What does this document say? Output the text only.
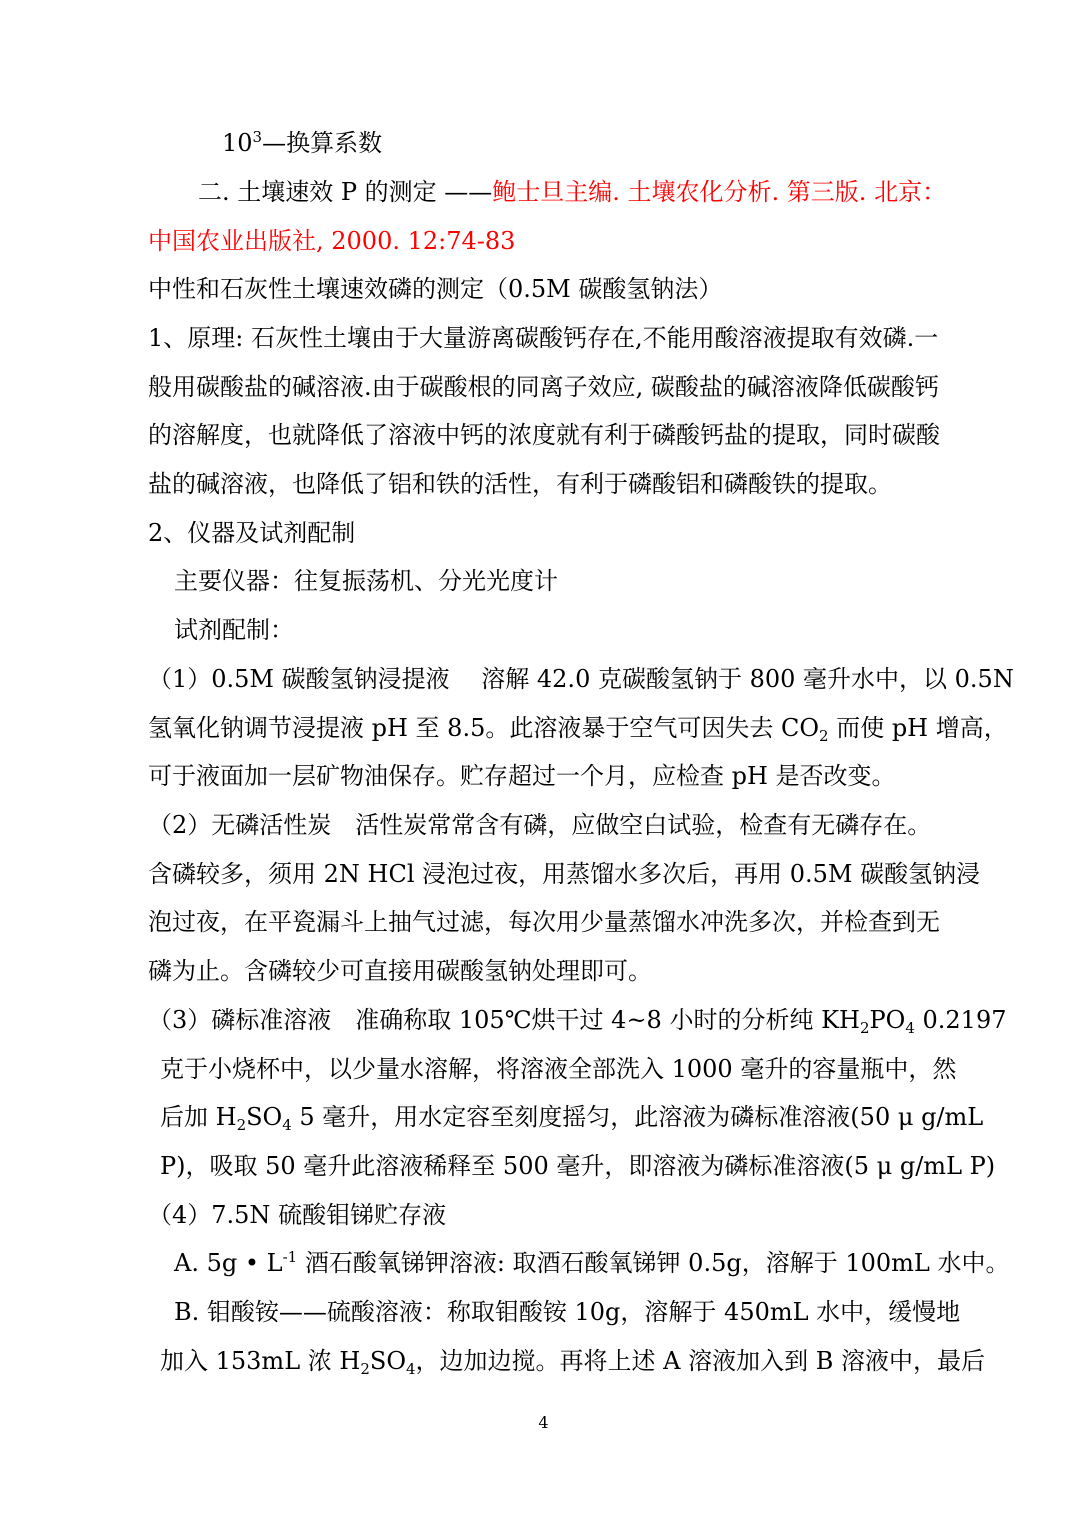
$10^3—$换算系数
二. 土壤速效 P 的测定 ——鲍士旦主编. 土壤农化分析. 第三版. 北京：
中国农业出版社, 2000. 12:74-83
中性和石灰性土壤速效磷的测定（0.5M 碳酸氢钠法）
1、原理: 石灰性土壤由于大量游离碳酸钙存在,不能用酸溶液提取有效磷.一
般用碳酸盐的碱溶液.由于碳酸根的同离子效应, 碳酸盐的碱溶液降低碳酸钙
的溶解度，也就降低了溶液中钙的浓度就有利于磷酸钙盐的提取，同时碳酸
盐的碱溶液，也降低了铝和铁的活性，有利于磷酸铝和磷酸铁的提取。
2、仪器及试剂配制
主要仪器：往复振荡机、分光光度计
试剂配制：
（1）0.5M 碳酸氢钠浸提液　 溶解 42.0 克碳酸氢钠于 800 毫升水中，以 0.5N
氢氧化钠调节浸提液 pH 至 8.5。此溶液暴于空气可因失去 $CO_2$ 而使 pH 增高，
可于液面加一层矿物油保存。贮存超过一个月，应检查 pH 是否改变。
（2）无磷活性炭　活性炭常常含有磷，应做空白试验，检查有无磷存在。
含磷较多，须用 2N HCl 浸泡过夜，用蒸馏水多次后，再用 0.5M 碳酸氢钠浸
泡过夜，在平瓷漏斗上抽气过滤，每次用少量蒸馏水冲洗多次，并检查到无
磷为止。含磷较少可直接用碳酸氢钠处理即可。
（3）磷标准溶液　准确称取 105℃烘干过 4~8 小时的分析纯 $KH_2PO_4$ 0.2197
克于小烧杯中，以少量水溶解，将溶液全部洗入 1000 毫升的容量瓶中，然
后加 $H_2SO_4$ 5 毫升，用水定容至刻度摇匀，此溶液为磷标准溶液(50 μ g/mL
P)，吸取 50 毫升此溶液稀释至 500 毫升，即溶液为磷标准溶液(5 μ g/mL P)
（4）7.5N 硫酸钼锑贮存液
A. 5g • $L^{-1}$ 酒石酸氧锑钾溶液: 取酒石酸氧锑钾 0.5g，溶解于 100mL 水中。
B. 钼酸铵——硫酸溶液：称取钼酸铵 10g，溶解于 450mL 水中，缓慢地
加入 153mL 浓 $H_2SO_4$，边加边搅。再将上述 A 溶液加入到 B 溶液中，最后
4
